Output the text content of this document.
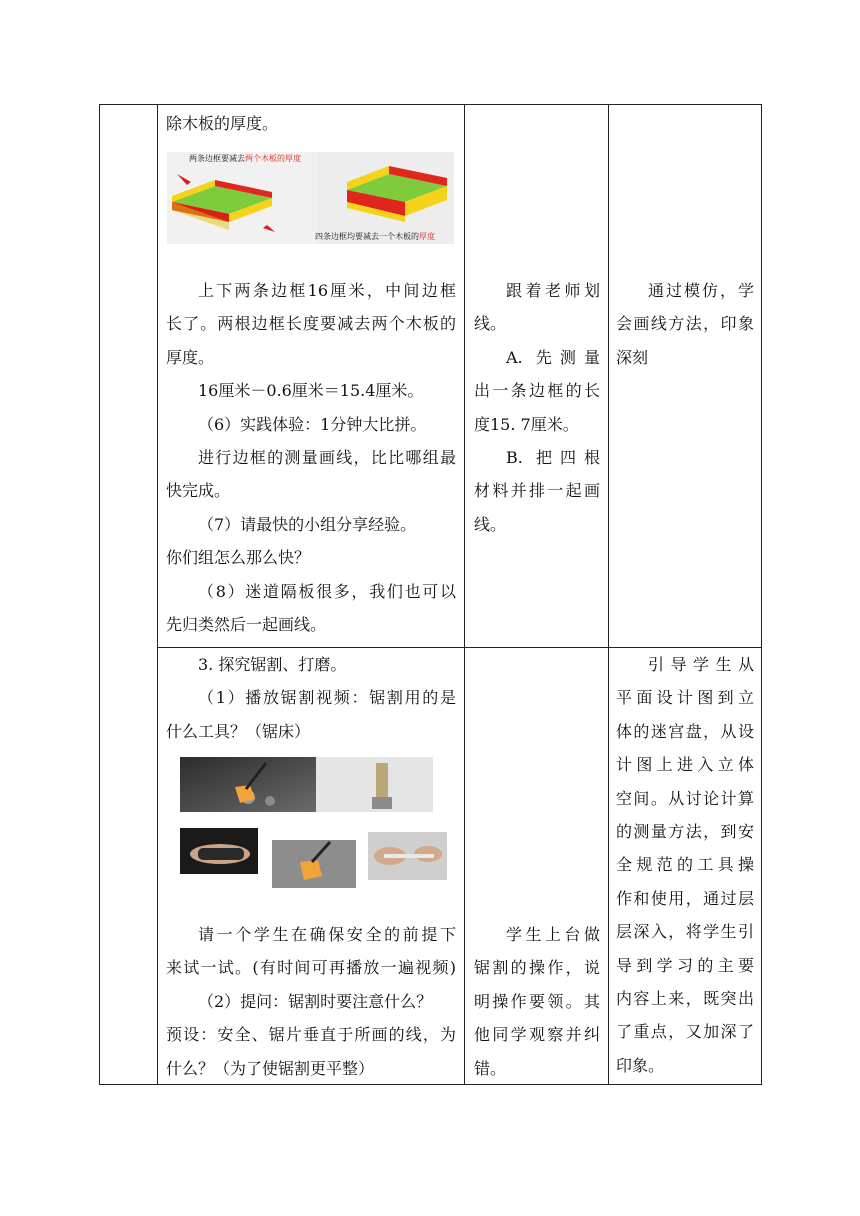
除木板的厚度。

两条边框要减去两个木板的厚度
四条边框均要减去一个木板的厚度

上下两条边框16厘米，中间边框

长了。两根边框长度要减去两个木板的

厚度。

16厘米－0.6厘米＝15.4厘米。

（6）实践体验：1分钟大比拼。

进行边框的测量画线，比比哪组最

快完成。

（7）请最快的小组分享经验。

你们组怎么那么快？

（8）迷道隔板很多，我们也可以

先归类然后一起画线。

跟着老师划

线。

A. 先测量

出一条边框的长

度15. 7厘米。

B. 把四根

材料并排一起画

线。

通过模仿，学

会画线方法，印象

深刻

3. 探究锯割、打磨。

（1）播放锯割视频：锯割用的是

什么工具？（锯床）

请一个学生在确保安全的前提下

来试一试。(有时间可再播放一遍视频)

（2）提问：锯割时要注意什么？

预设：安全、锯片垂直于所画的线，为

什么？（为了使锯割更平整）

学生上台做

锯割的操作，说

明操作要领。其

他同学观察并纠

错。

引导学生从

平面设计图到立

体的迷宫盘，从设

计图上进入立体

空间。从讨论计算

的测量方法，到安

全规范的工具操

作和使用，通过层

层深入，将学生引

导到学习的主要

内容上来，既突出

了重点，又加深了

印象。
